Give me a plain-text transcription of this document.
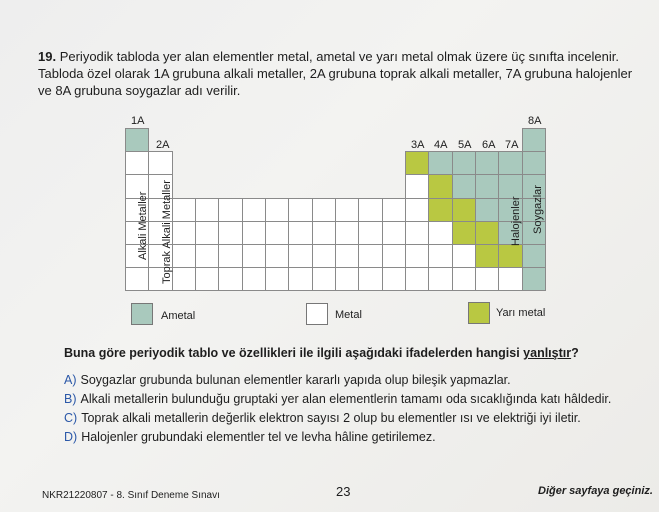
19. Periyodik tabloda yer alan elementler metal, ametal ve yarı metal olmak üzere üç sınıfta incelenir. Tabloda özel olarak 1A grubuna alkali metaller, 2A grubuna toprak alkali metaller, 7A grubuna halojenler ve 8A grubuna soygazlar adı verilir.
1A
2A	3A 4A 5A 6A 7A
8A
Alkali Metaller Toprak Alkali Metaller	Halojenler Soygazlar
Ametal	Metal	Yarı metal
Buna göre periyodik tablo ve özellikleri ile ilgili aşağıdaki ifadelerden hangisi yanlıştır?
A) Soygazlar grubunda bulunan elementler kararlı yapıda olup bileşik yapmazlar.
B) Alkali metallerin bulunduğu gruptaki yer alan elementlerin tamamı oda sıcaklığında katı hâldedir.
C) Toprak alkali metallerin değerlik elektron sayısı 2 olup bu elementler ısı ve elektriği iyi iletir.
D) Halojenler grubundaki elementler tel ve levha hâline getirilemez.
NKR21220807 - 8. Sınıf Deneme Sınavı	23	Diğer sayfaya geçiniz.
